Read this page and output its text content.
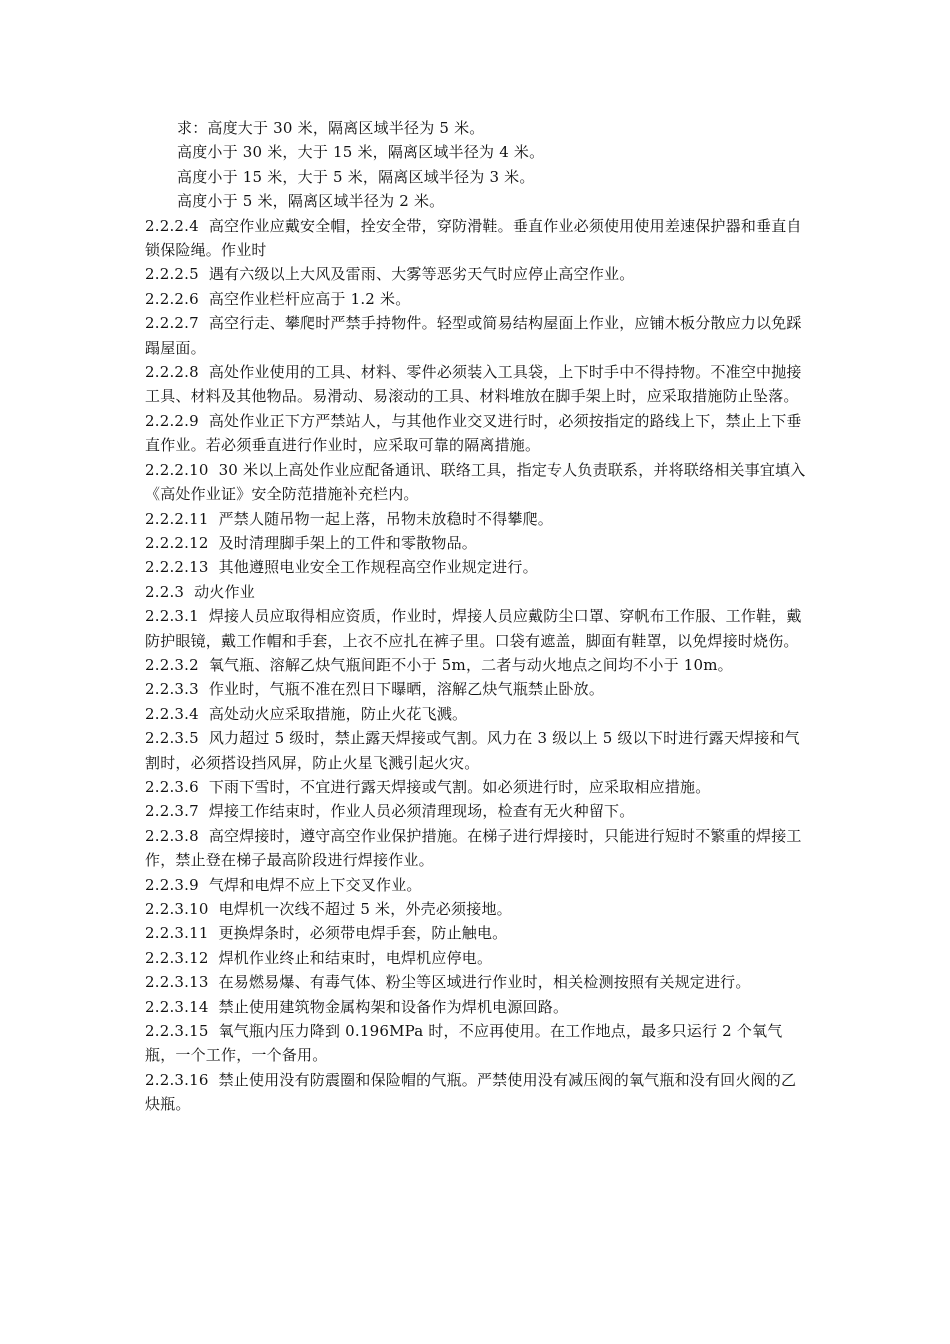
求：高度大于 30 米，隔离区域半径为 5 米。
高度小于 30 米，大于 15 米，隔离区域半径为 4 米。
高度小于 15 米，大于 5 米，隔离区域半径为 3 米。
高度小于 5 米，隔离区域半径为 2 米。
2.2.2.4 高空作业应戴安全帽，拴安全带，穿防滑鞋。垂直作业必须使用使用差速保护器和垂直自锁保险绳。作业时
2.2.2.5 遇有六级以上大风及雷雨、大雾等恶劣天气时应停止高空作业。
2.2.2.6 高空作业栏杆应高于 1.2 米。
2.2.2.7 高空行走、攀爬时严禁手持物件。轻型或简易结构屋面上作业，应铺木板分散应力以免踩蹋屋面。
2.2.2.8 高处作业使用的工具、材料、零件必须装入工具袋，上下时手中不得持物。不准空中抛接工具、材料及其他物品。易滑动、易滚动的工具、材料堆放在脚手架上时，应采取措施防止坠落。
2.2.2.9 高处作业正下方严禁站人，与其他作业交叉进行时，必须按指定的路线上下，禁止上下垂直作业。若必须垂直进行作业时，应采取可靠的隔离措施。
2.2.2.10 30 米以上高处作业应配备通讯、联络工具，指定专人负责联系，并将联络相关事宜填入《高处作业证》安全防范措施补充栏内。
2.2.2.11 严禁人随吊物一起上落，吊物未放稳时不得攀爬。
2.2.2.12 及时清理脚手架上的工件和零散物品。
2.2.2.13 其他遵照电业安全工作规程高空作业规定进行。
2.2.3 动火作业
2.2.3.1 焊接人员应取得相应资质，作业时，焊接人员应戴防尘口罩、穿帆布工作服、工作鞋，戴防护眼镜，戴工作帽和手套，上衣不应扎在裤子里。口袋有遮盖，脚面有鞋罩，以免焊接时烧伤。
2.2.3.2 氧气瓶、溶解乙炔气瓶间距不小于 5m，二者与动火地点之间均不小于 10m。
2.2.3.3 作业时，气瓶不准在烈日下曝晒，溶解乙炔气瓶禁止卧放。
2.2.3.4 高处动火应采取措施，防止火花飞溅。
2.2.3.5 风力超过 5 级时，禁止露天焊接或气割。风力在 3 级以上 5 级以下时进行露天焊接和气割时，必须搭设挡风屏，防止火星飞溅引起火灾。
2.2.3.6 下雨下雪时，不宜进行露天焊接或气割。如必须进行时，应采取相应措施。
2.2.3.7 焊接工作结束时，作业人员必须清理现场，检查有无火种留下。
2.2.3.8 高空焊接时，遵守高空作业保护措施。在梯子进行焊接时，只能进行短时不繁重的焊接工作，禁止登在梯子最高阶段进行焊接作业。
2.2.3.9 气焊和电焊不应上下交叉作业。
2.2.3.10 电焊机一次线不超过 5 米，外壳必须接地。
2.2.3.11 更换焊条时，必须带电焊手套，防止触电。
2.2.3.12 焊机作业终止和结束时，电焊机应停电。
2.2.3.13 在易燃易爆、有毒气体、粉尘等区域进行作业时，相关检测按照有关规定进行。
2.2.3.14 禁止使用建筑物金属构架和设备作为焊机电源回路。
2.2.3.15 氧气瓶内压力降到 0.196MPa 时，不应再使用。在工作地点，最多只运行 2 个氧气瓶，一个工作，一个备用。
2.2.3.16 禁止使用没有防震圈和保险帽的气瓶。严禁使用没有减压阀的氧气瓶和没有回火阀的乙炔瓶。
